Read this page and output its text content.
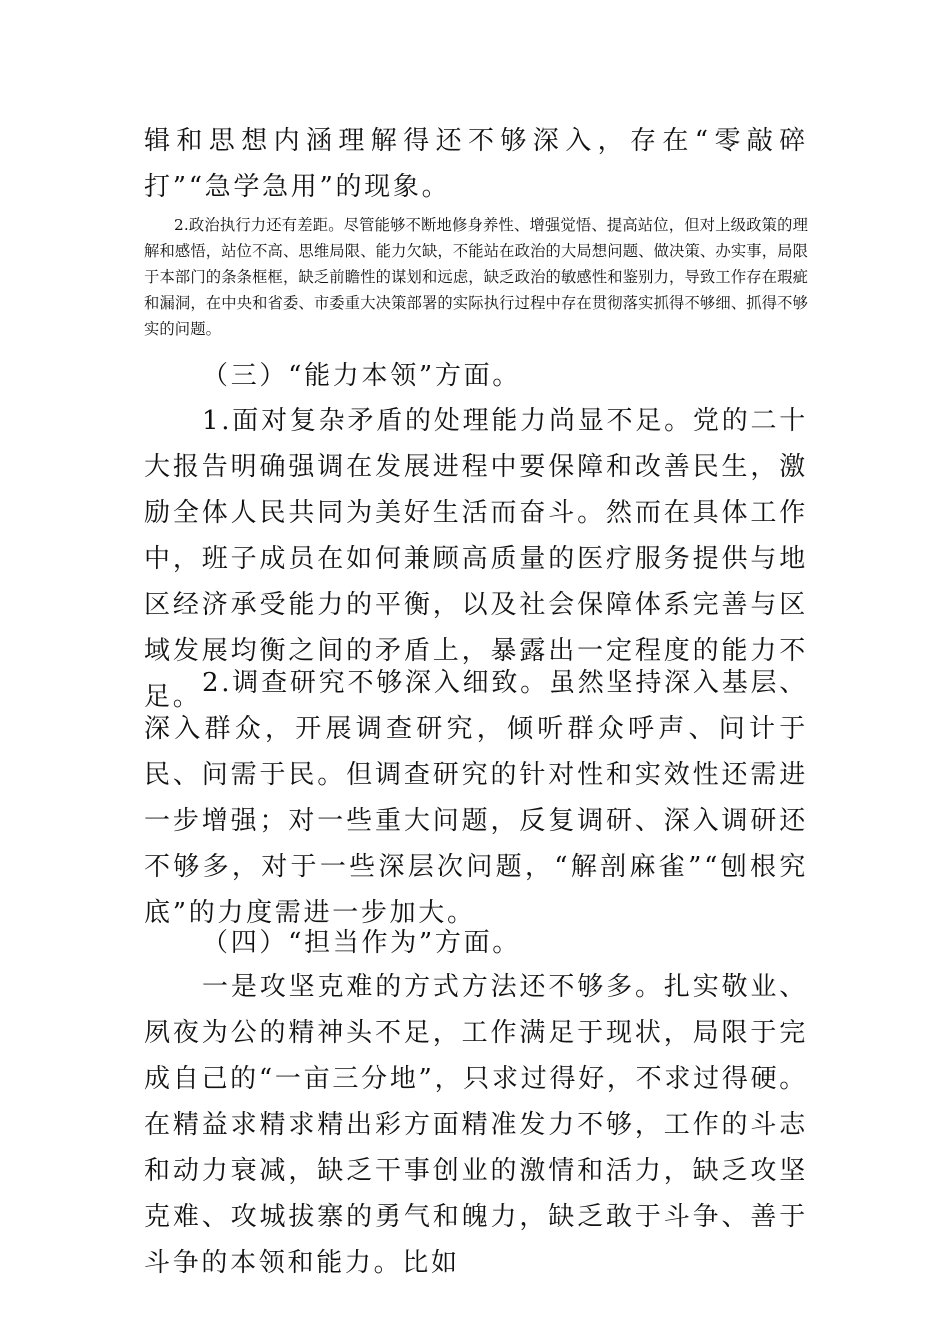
辑和思想内涵理解得还不够深入，存在“零敲碎打”“急学急用”的现象。

2.政治执行力还有差距。尽管能够不断地修身养性、增强觉悟、提高站位，但对上级政策的理解和感悟，站位不高、思维局限、能力欠缺，不能站在政治的大局想问题、做决策、办实事，局限于本部门的条条框框，缺乏前瞻性的谋划和远虑，缺乏政治的敏感性和鉴别力，导致工作存在瑕疵和漏洞，在中央和省委、市委重大决策部署的实际执行过程中存在贯彻落实抓得不够细、抓得不够实的问题。

（三）“能力本领”方面。

1.面对复杂矛盾的处理能力尚显不足。党的二十大报告明确强调在发展进程中要保障和改善民生，激励全体人民共同为美好生活而奋斗。然而在具体工作中，班子成员在如何兼顾高质量的医疗服务提供与地区经济承受能力的平衡，以及社会保障体系完善与区域发展均衡之间的矛盾上，暴露出一定程度的能力不足。 2.调查研究不够深入细致。虽然坚持深入基层、深入群众，开展调查研究，倾听群众呼声、问计于民、问需于民。但调查研究的针对性和实效性还需进一步增强；对一些重大问题，反复调研、深入调研还不够多，对于一些深层次问题，“解剖麻雀”“刨根究底”的力度需进一步加大。

（四）“担当作为”方面。

一是攻坚克难的方式方法还不够多。扎实敬业、夙夜为公的精神头不足，工作满足于现状，局限于完成自己的“一亩三分地”，只求过得好，不求过得硬。在精益求精求精出彩方面精准发力不够，工作的斗志和动力衰减，缺乏干事创业的激情和活力，缺乏攻坚克难、攻城拔寨的勇气和魄力，缺乏敢于斗争、善于斗争的本领和能力。比如
